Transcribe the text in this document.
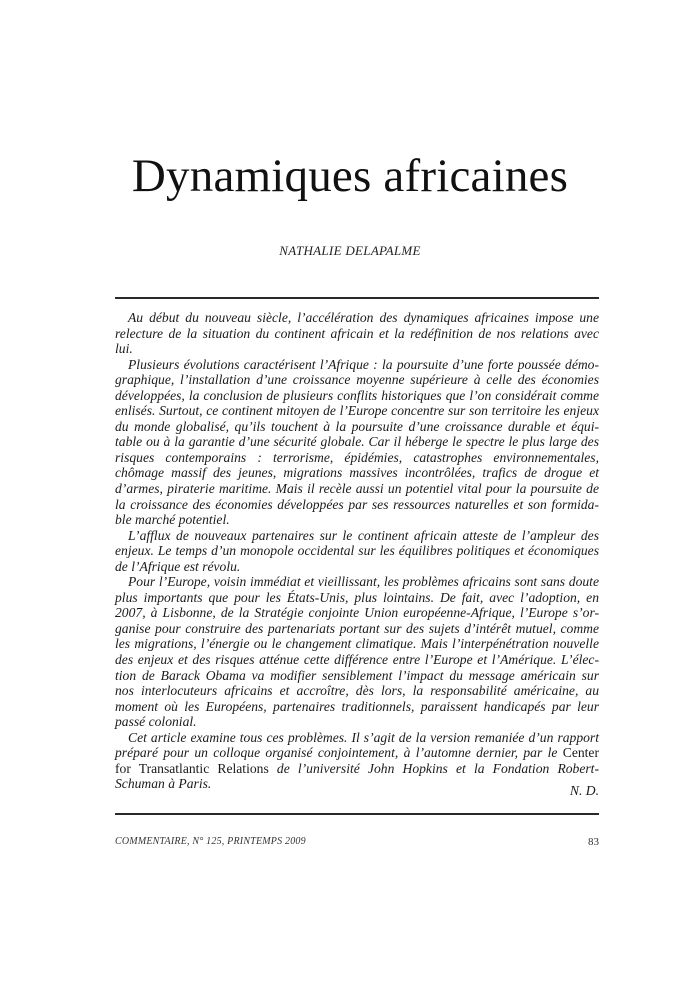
Dynamiques africaines
NATHALIE DELAPALME
Au début du nouveau siècle, l’accélération des dynamiques africaines impose une
relecture de la situation du continent africain et la redéfinition de nos relations avec
lui.
Plusieurs évolutions caractérisent l’Afrique : la poursuite d’une forte poussée démo-
graphique, l’installation d’une croissance moyenne supérieure à celle des économies
développées, la conclusion de plusieurs conflits historiques que l’on considérait comme
enlisés. Surtout, ce continent mitoyen de l’Europe concentre sur son territoire les enjeux
du monde globalisé, qu’ils touchent à la poursuite d’une croissance durable et équi-
table ou à la garantie d’une sécurité globale. Car il héberge le spectre le plus large des
risques contemporains : terrorisme, épidémies, catastrophes environnementales,
chômage massif des jeunes, migrations massives incontrôlées, trafics de drogue et
d’armes, piraterie maritime. Mais il recèle aussi un potentiel vital pour la poursuite de
la croissance des économies développées par ses ressources naturelles et son formida-
ble marché potentiel.
L’afflux de nouveaux partenaires sur le continent africain atteste de l’ampleur des
enjeux. Le temps d’un monopole occidental sur les équilibres politiques et économiques
de l’Afrique est révolu.
Pour l’Europe, voisin immédiat et vieillissant, les problèmes africains sont sans doute
plus importants que pour les États-Unis, plus lointains. De fait, avec l’adoption, en
2007, à Lisbonne, de la Stratégie conjointe Union européenne-Afrique, l’Europe s’or-
ganise pour construire des partenariats portant sur des sujets d’intérêt mutuel, comme
les migrations, l’énergie ou le changement climatique. Mais l’interpénétration nouvelle
des enjeux et des risques atténue cette différence entre l’Europe et l’Amérique. L’élec-
tion de Barack Obama va modifier sensiblement l’impact du message américain sur
nos interlocuteurs africains et accroître, dès lors, la responsabilité américaine, au
moment où les Européens, partenaires traditionnels, paraissent handicapés par leur
passé colonial.
Cet article examine tous ces problèmes. Il s’agit de la version remaniée d’un rapport
préparé pour un colloque organisé conjointement, à l’automne dernier, par le Center
for Transatlantic Relations de l’université John Hopkins et la Fondation Robert-
Schuman à Paris.	N. D.
COMMENTAIRE, N° 125, PRINTEMPS 2009	83
